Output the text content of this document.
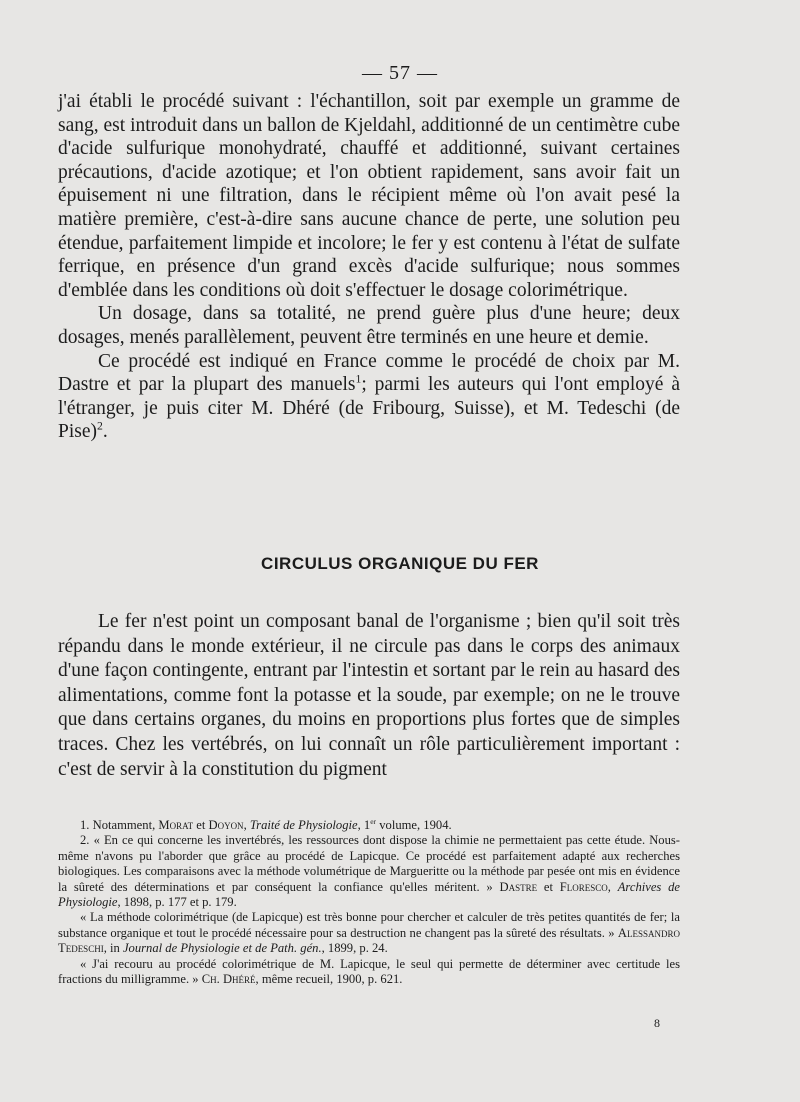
— 57 —

j'ai établi le procédé suivant : l'échantillon, soit par exemple un gramme de sang, est introduit dans un ballon de Kjeldahl, additionné de un centimètre cube d'acide sulfurique monohydraté, chauffé et additionné, suivant certaines précautions, d'acide azotique; et l'on obtient rapidement, sans avoir fait un épuisement ni une filtration, dans le récipient même où l'on avait pesé la matière première, c'est-à-dire sans aucune chance de perte, une solution peu étendue, parfaitement limpide et incolore; le fer y est contenu à l'état de sulfate ferrique, en présence d'un grand excès d'acide sulfurique; nous sommes d'emblée dans les conditions où doit s'effectuer le dosage colorimétrique.

Un dosage, dans sa totalité, ne prend guère plus d'une heure; deux dosages, menés parallèlement, peuvent être terminés en une heure et demie.

Ce procédé est indiqué en France comme le procédé de choix par M. Dastre et par la plupart des manuels$^1$; parmi les auteurs qui l'ont employé à l'étranger, je puis citer M. Dhéré (de Fribourg, Suisse), et M. Tedeschi (de Pise)$^2$.

CIRCULUS ORGANIQUE DU FER

Le fer n'est point un composant banal de l'organisme ; bien qu'il soit très répandu dans le monde extérieur, il ne circule pas dans le corps des animaux d'une façon contingente, entrant par l'intestin et sortant par le rein au hasard des alimentations, comme font la potasse et la soude, par exemple; on ne le trouve que dans certains organes, du moins en proportions plus fortes que de simples traces. Chez les vertébrés, on lui connaît un rôle particulièrement important : c'est de servir à la constitution du pigment

1. Notamment, Morat et Doyon, Traité de Physiologie, 1er volume, 1904.

2. « En ce qui concerne les invertébrés, les ressources dont dispose la chimie ne permettaient pas cette étude. Nous-même n'avons pu l'aborder que grâce au procédé de Lapicque. Ce procédé est parfaitement adapté aux recherches biologiques. Les comparaisons avec la méthode volumétrique de Margueritte ou la méthode par pesée ont mis en évidence la sûreté des déterminations et par conséquent la confiance qu'elles méritent. » Dastre et Floresco, Archives de Physiologie, 1898, p. 177 et p. 179.

« La méthode colorimétrique (de Lapicque) est très bonne pour chercher et calculer de très petites quantités de fer; la substance organique et tout le procédé nécessaire pour sa destruction ne changent pas la sûreté des résultats. » Alessandro Tedeschi, in Journal de Physiologie et de Path. gén., 1899, p. 24.

« J'ai recouru au procédé colorimétrique de M. Lapicque, le seul qui permette de déterminer avec certitude les fractions du milligramme. » Ch. Dhéré, même recueil, 1900, p. 621.

8
